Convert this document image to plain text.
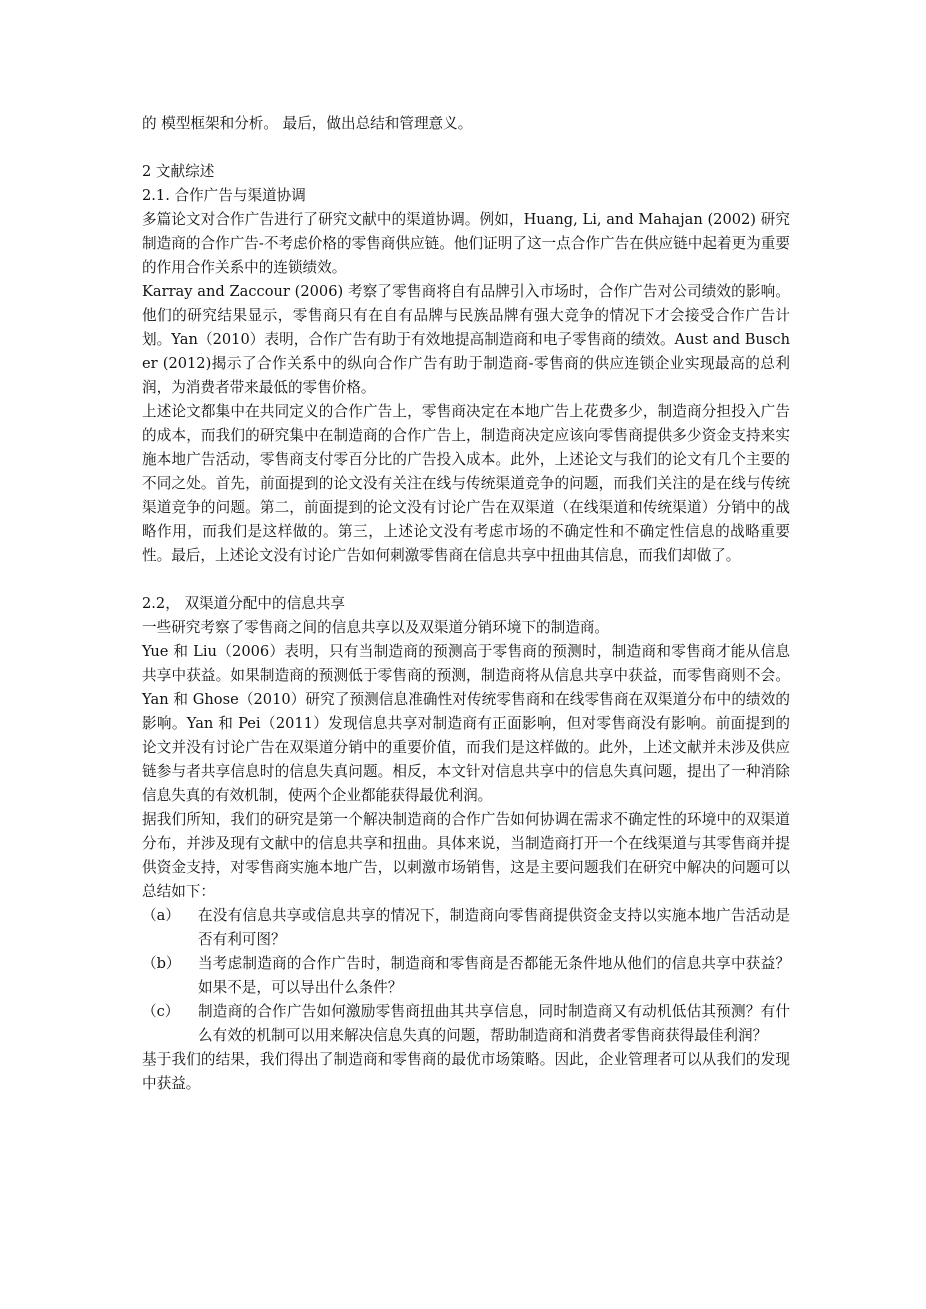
的 模型框架和分析。 最后，做出总结和管理意义。
2 文献综述
2.1. 合作广告与渠道协调
多篇论文对合作广告进行了研究文献中的渠道协调。例如，Huang, Li, and Mahajan (2002) 研究制造商的合作广告-不考虑价格的零售商供应链。他们证明了这一点合作广告在供应链中起着更为重要的作用合作关系中的连锁绩效。
Karray and Zaccour (2006) 考察了零售商将自有品牌引入市场时，合作广告对公司绩效的影响。他们的研究结果显示，零售商只有在自有品牌与民族品牌有强大竞争的情况下才会接受合作广告计划。Yan（2010）表明，合作广告有助于有效地提高制造商和电子零售商的绩效。Aust and Buscher (2012)揭示了合作关系中的纵向合作广告有助于制造商-零售商的供应连锁企业实现最高的总利润，为消费者带来最低的零售价格。
上述论文都集中在共同定义的合作广告上，零售商决定在本地广告上花费多少，制造商分担投入广告的成本，而我们的研究集中在制造商的合作广告上，制造商决定应该向零售商提供多少资金支持来实施本地广告活动，零售商支付零百分比的广告投入成本。此外，上述论文与我们的论文有几个主要的不同之处。首先，前面提到的论文没有关注在线与传统渠道竞争的问题，而我们关注的是在线与传统渠道竞争的问题。第二，前面提到的论文没有讨论广告在双渠道（在线渠道和传统渠道）分销中的战略作用，而我们是这样做的。第三，上述论文没有考虑市场的不确定性和不确定性信息的战略重要性。最后，上述论文没有讨论广告如何刺激零售商在信息共享中扭曲其信息，而我们却做了。
2.2， 双渠道分配中的信息共享
一些研究考察了零售商之间的信息共享以及双渠道分销环境下的制造商。
Yue 和 Liu（2006）表明，只有当制造商的预测高于零售商的预测时，制造商和零售商才能从信息共享中获益。如果制造商的预测低于零售商的预测，制造商将从信息共享中获益，而零售商则不会。Yan 和 Ghose（2010）研究了预测信息准确性对传统零售商和在线零售商在双渠道分布中的绩效的影响。Yan 和 Pei（2011）发现信息共享对制造商有正面影响，但对零售商没有影响。前面提到的论文并没有讨论广告在双渠道分销中的重要价值，而我们是这样做的。此外，上述文献并未涉及供应链参与者共享信息时的信息失真问题。相反，本文针对信息共享中的信息失真问题，提出了一种消除信息失真的有效机制，使两个企业都能获得最优利润。
据我们所知，我们的研究是第一个解决制造商的合作广告如何协调在需求不确定性的环境中的双渠道分布，并涉及现有文献中的信息共享和扭曲。具体来说，当制造商打开一个在线渠道与其零售商并提供资金支持，对零售商实施本地广告，以刺激市场销售，这是主要问题我们在研究中解决的问题可以总结如下：
（a）	在没有信息共享或信息共享的情况下，制造商向零售商提供资金支持以实施本地广告活动是否有利可图？
（b）	当考虑制造商的合作广告时，制造商和零售商是否都能无条件地从他们的信息共享中获益？如果不是，可以导出什么条件？
（c）	制造商的合作广告如何激励零售商扭曲其共享信息，同时制造商又有动机低估其预测？有什么有效的机制可以用来解决信息失真的问题，帮助制造商和消费者零售商获得最佳利润？
基于我们的结果，我们得出了制造商和零售商的最优市场策略。因此，企业管理者可以从我们的发现中获益。
